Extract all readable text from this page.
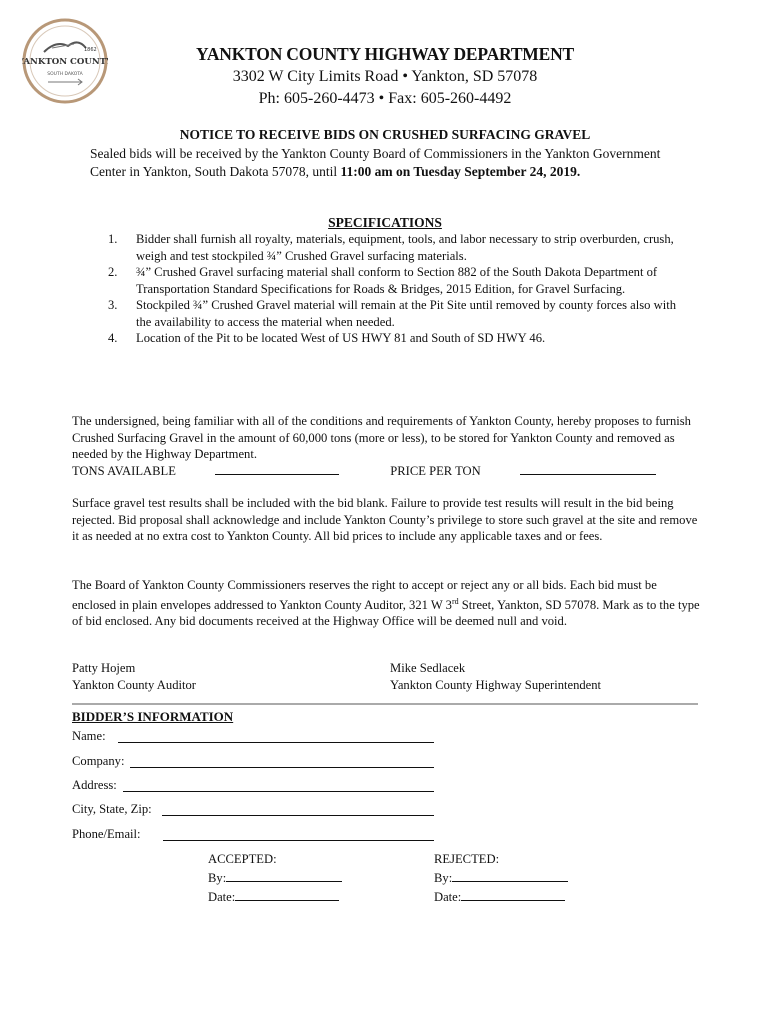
1862
YANKTON COUNTY
SOUTH DAKOTA
YANKTON COUNTY HIGHWAY DEPARTMENT
3302 W City Limits Road • Yankton, SD 57078
Ph: 605-260-4473 • Fax: 605-260-4492
NOTICE TO RECEIVE BIDS ON CRUSHED SURFACING GRAVEL
Sealed bids will be received by the Yankton County Board of Commissioners in the Yankton Government Center in Yankton, South Dakota 57078, until 11:00 am on Tuesday September 24, 2019.
SPECIFICATIONS
1. Bidder shall furnish all royalty, materials, equipment, tools, and labor necessary to strip overburden, crush, weigh and test stockpiled ¾” Crushed Gravel surfacing materials.
2. ¾” Crushed Gravel surfacing material shall conform to Section 882 of the South Dakota Department of Transportation Standard Specifications for Roads & Bridges, 2015 Edition, for Gravel Surfacing.
3. Stockpiled ¾” Crushed Gravel material will remain at the Pit Site until removed by county forces also with the availability to access the material when needed.
4. Location of the Pit to be located West of US HWY 81 and South of SD HWY 46.
The undersigned, being familiar with all of the conditions and requirements of Yankton County, hereby proposes to furnish Crushed Surfacing Gravel in the amount of 60,000 tons (more or less), to be stored for Yankton County and removed as needed by the Highway Department.
TONS AVAILABLE	PRICE PER TON
Surface gravel test results shall be included with the bid blank. Failure to provide test results will result in the bid being rejected. Bid proposal shall acknowledge and include Yankton County’s privilege to store such gravel at the site and remove it as needed at no extra cost to Yankton County. All bid prices to include any applicable taxes and or fees.
The Board of Yankton County Commissioners reserves the right to accept or reject any or all bids. Each bid must be enclosed in plain envelopes addressed to Yankton County Auditor, 321 W 3rd Street, Yankton, SD 57078. Mark as to the type of bid enclosed. Any bid documents received at the Highway Office will be deemed null and void.
Patty Hojem
Yankton County Auditor
Mike Sedlacek
Yankton County Highway Superintendent
BIDDER’S INFORMATION
Name:
Company:
Address:
City, State, Zip:
Phone/Email:
ACCEPTED:
By:
Date:
REJECTED:
By:
Date:
